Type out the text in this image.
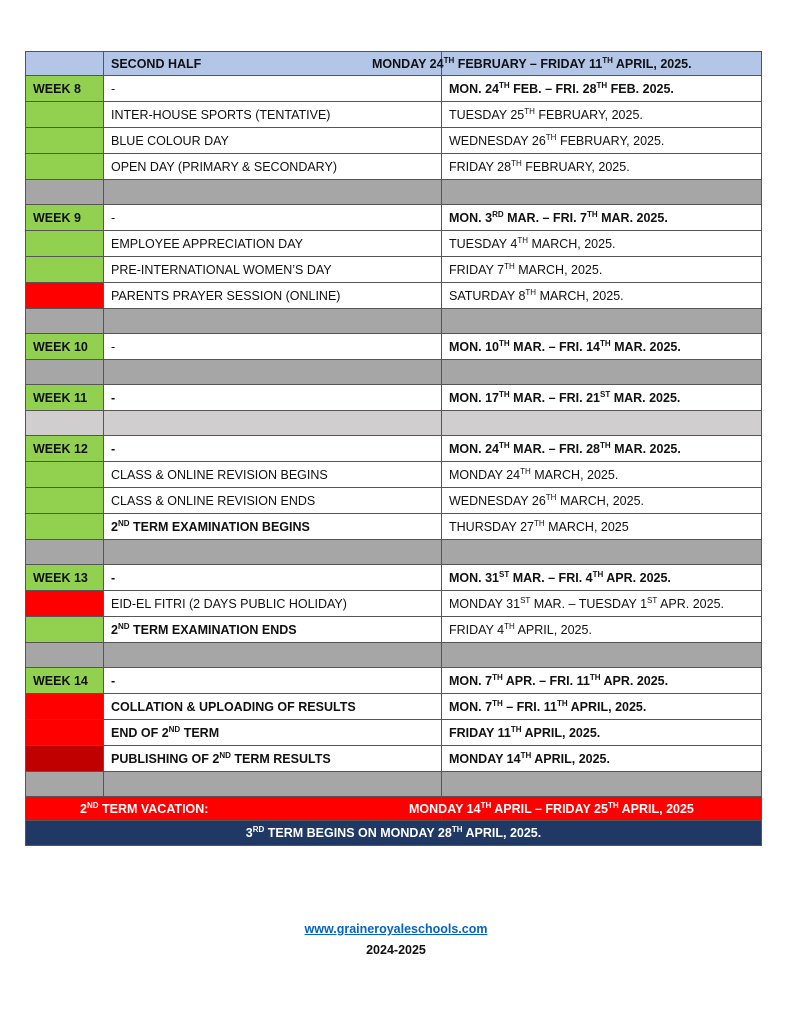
	SECOND HALF	MONDAY 24TH FEBRUARY – FRIDAY 11TH APRIL, 2025.
WEEK 8	-	MON. 24TH FEB. – FRI. 28TH FEB. 2025.
	INTER-HOUSE SPORTS (TENTATIVE)	TUESDAY 25TH FEBRUARY, 2025.
	BLUE COLOUR DAY	WEDNESDAY 26TH FEBRUARY, 2025.
	OPEN DAY (PRIMARY & SECONDARY)	FRIDAY 28TH FEBRUARY, 2025.

WEEK 9	-	MON. 3RD MAR. – FRI. 7TH MAR. 2025.
	EMPLOYEE APPRECIATION DAY	TUESDAY 4TH MARCH, 2025.
	PRE-INTERNATIONAL WOMEN’S DAY	FRIDAY 7TH MARCH, 2025.
	PARENTS PRAYER SESSION (ONLINE)	SATURDAY 8TH MARCH, 2025.

WEEK 10	-	MON. 10TH MAR. – FRI. 14TH MAR. 2025.

WEEK 11	-	MON. 17TH MAR. – FRI. 21ST MAR. 2025.

WEEK 12	-	MON. 24TH MAR. – FRI. 28TH MAR. 2025.
	CLASS & ONLINE REVISION BEGINS	MONDAY 24TH MARCH, 2025.
	CLASS & ONLINE REVISION ENDS	WEDNESDAY 26TH MARCH, 2025.
	2ND TERM EXAMINATION BEGINS	THURSDAY 27TH MARCH, 2025

WEEK 13	-	MON. 31ST MAR. – FRI. 4TH APR. 2025.
	EID-EL FITRI (2 DAYS PUBLIC HOLIDAY)	MONDAY 31ST MAR. – TUESDAY 1ST APR. 2025.
	2ND TERM EXAMINATION ENDS	FRIDAY 4TH APRIL, 2025.

WEEK 14	-	MON. 7TH APR. – FRI. 11TH APR. 2025.
	COLLATION & UPLOADING OF RESULTS	MON. 7TH – FRI. 11TH APRIL, 2025.
	END OF 2ND TERM	FRIDAY 11TH APRIL, 2025.
	PUBLISHING OF 2ND TERM RESULTS	MONDAY 14TH APRIL, 2025.

2ND TERM VACATION:		MONDAY 14TH APRIL – FRIDAY 25TH APRIL, 2025
3RD TERM BEGINS ON MONDAY 28TH APRIL, 2025.		
www.graineroyaleschools.com
2024-2025
